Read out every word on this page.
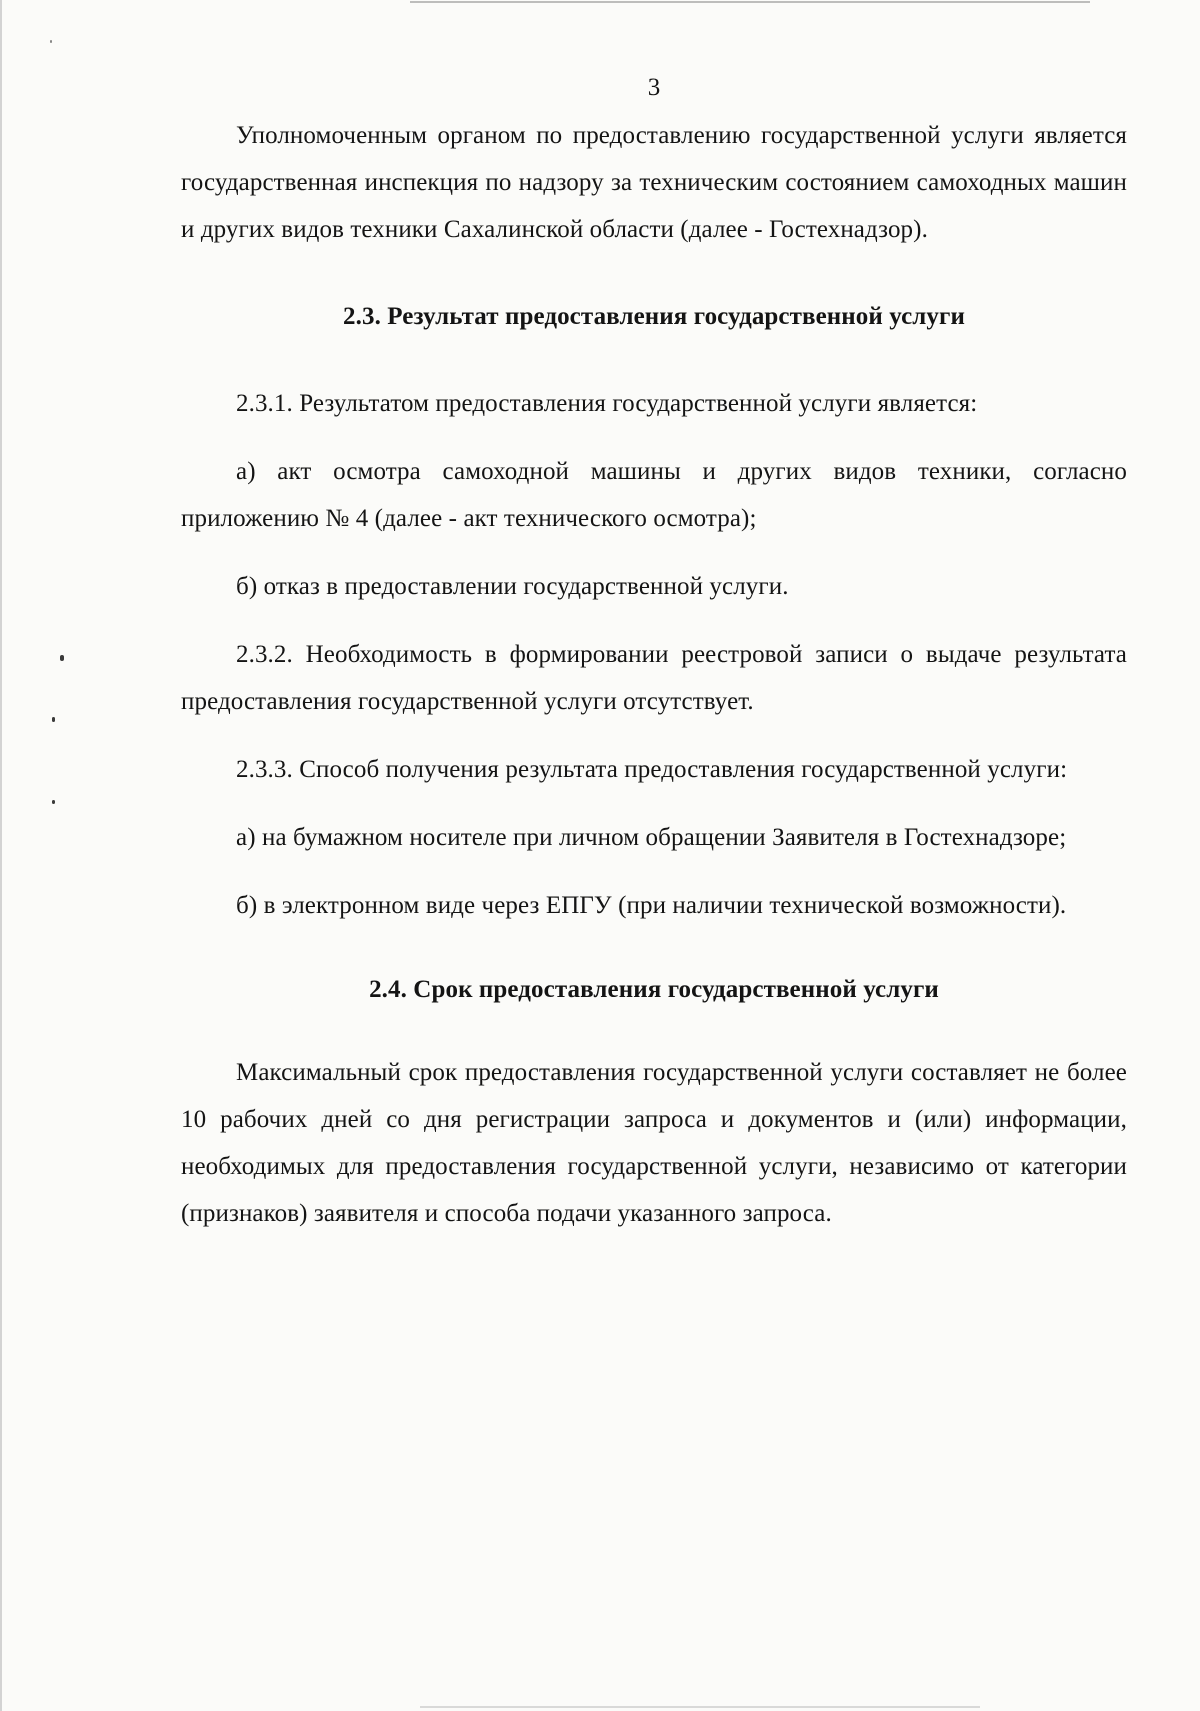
3

Уполномоченным органом по предоставлению государственной услуги является государственная инспекция по надзору за техническим состоянием самоходных машин и других видов техники Сахалинской области (далее - Гостехнадзор).

2.3. Результат предоставления государственной услуги

2.3.1. Результатом предоставления государственной услуги является:

а) акт осмотра самоходной машины и других видов техники, согласно приложению № 4 (далее - акт технического осмотра);

б) отказ в предоставлении государственной услуги.

2.3.2. Необходимость в формировании реестровой записи о выдаче результата предоставления государственной услуги отсутствует.

2.3.3. Способ получения результата предоставления государственной услуги:

а) на бумажном носителе при личном обращении Заявителя в Гостехнадзоре;

б) в электронном виде через ЕПГУ (при наличии технической возможности).

2.4. Срок предоставления государственной услуги

Максимальный срок предоставления государственной услуги составляет не более 10 рабочих дней со дня регистрации запроса и документов и (или) информации, необходимых для предоставления государственной услуги, независимо от категории (признаков) заявителя и способа подачи указанного запроса.
